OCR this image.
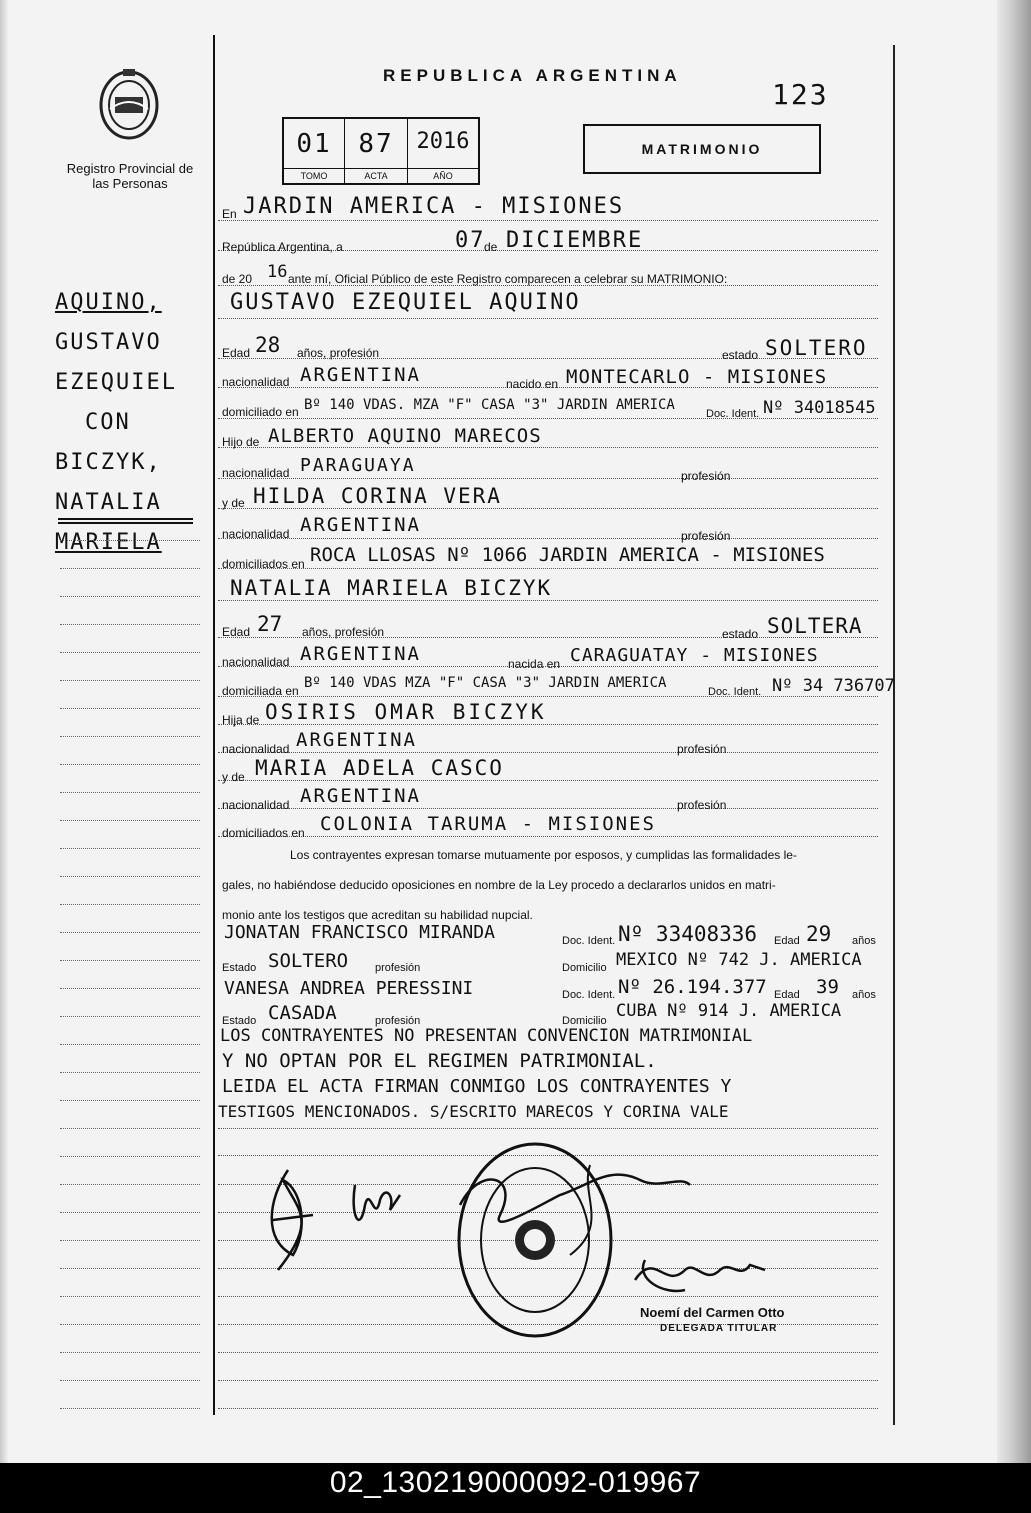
Registro Provincial de las Personas
REPUBLICA ARGENTINA
123
01
TOMO
87
ACTA
2016
AÑO
MATRIMONIO
AQUINO,
GUSTAVO
EZEQUIEL
CON
BICZYK,
NATALIA
MARIELA
En JARDIN AMERICA - MISIONES
República Argentina, a	07
de DICIEMBRE
de 20 16 ante mí, Oficial Público de este Registro comparecen a celebrar su MATRIMONIO:
GUSTAVO EZEQUIEL AQUINO
Edad 28 años, profesión	estado SOLTERO
nacionalidad ARGENTINA	nacido en MONTECARLO - MISIONES
domiciliado en Bº 140 VDAS. MZA "F" CASA "3" JARDIN AMERICA
Doc. Ident. Nº 34018545
Hijo de ALBERTO AQUINO MARECOS
nacionalidad PARAGUAYA	profesión
y de HILDA CORINA VERA
nacionalidad ARGENTINA	profesión
domiciliados en ROCA LLOSAS Nº 1066 JARDIN AMERICA - MISIONES
NATALIA MARIELA BICZYK
Edad 27 años, profesión	estado SOLTERA
nacionalidad ARGENTINA	nacida en CARAGUATAY - MISIONES
domiciliada en Bº 140 VDAS MZA "F" CASA "3" JARDIN AMERICA
Doc. Ident. Nº 34 736707
Hija de OSIRIS OMAR BICZYK
nacionalidad ARGENTINA	profesión
y de MARIA ADELA CASCO
nacionalidad ARGENTINA	profesión
domiciliados en COLONIA TARUMA - MISIONES
Los contrayentes expresan tomarse mutuamente por esposos, y cumplidas las formalidades le-
gales, no habiéndose deducido oposiciones en nombre de la Ley procedo a declararlos unidos en matri-
monio ante los testigos que acreditan su habilidad nupcial.
JONATAN FRANCISCO MIRANDA	Doc. Ident. Nº 33408336 Edad 29 años
Estado SOLTERO profesión	Domicilio MEXICO Nº 742 J. AMERICA
VANESA ANDREA PERESSINI	Doc. Ident. Nº 26.194.377 Edad 39 años
Estado CASADA	profesión	Domicilio CUBA Nº 914 J. AMERICA
LOS CONTRAYENTES NO PRESENTAN CONVENCION MATRIMONIAL
Y NO OPTAN POR EL REGIMEN PATRIMONIAL.
LEIDA EL ACTA FIRMAN CONMIGO LOS CONTRAYENTES Y
TESTIGOS MENCIONADOS. S/ESCRITO MARECOS Y CORINA VALE
Noemí del Carmen Otto
DELEGADA TITULAR
02_130219000092-019967
